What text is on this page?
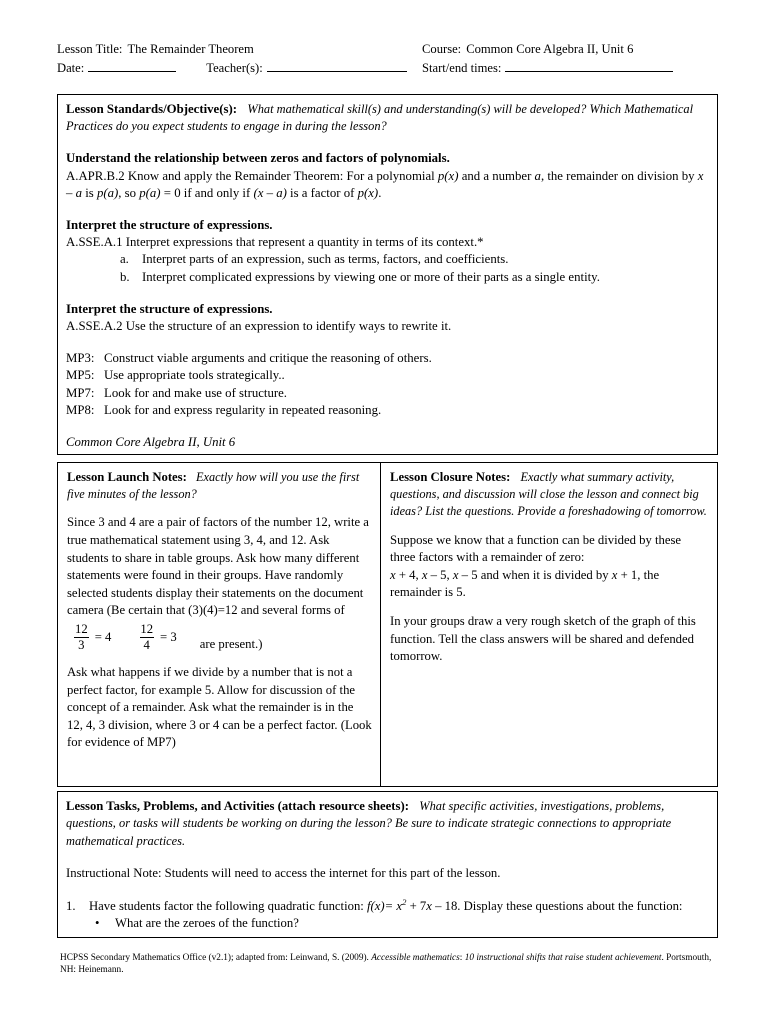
Lesson Title: The Remainder Theorem	Course: Common Core Algebra II, Unit 6
Date:	Teacher(s):	Start/end times:
Lesson Standards/Objective(s): What mathematical skill(s) and understanding(s) will be developed? Which Mathematical Practices do you expect students to engage in during the lesson?
Understand the relationship between zeros and factors of polynomials.
A.APR.B.2 Know and apply the Remainder Theorem: For a polynomial p(x) and a number a, the remainder on division by x – a is p(a), so p(a) = 0 if and only if (x – a) is a factor of p(x).
Interpret the structure of expressions.
A.SSE.A.1 Interpret expressions that represent a quantity in terms of its context.*
a. Interpret parts of an expression, such as terms, factors, and coefficients.
b. Interpret complicated expressions by viewing one or more of their parts as a single entity.
Interpret the structure of expressions.
A.SSE.A.2 Use the structure of an expression to identify ways to rewrite it.
MP3: Construct viable arguments and critique the reasoning of others.
MP5: Use appropriate tools strategically..
MP7: Look for and make use of structure.
MP8: Look for and express regularity in repeated reasoning.
Common Core Algebra II, Unit 6
Lesson Launch Notes: Exactly how will you use the first five minutes of the lesson?
Since 3 and 4 are a pair of factors of the number 12, write a true mathematical statement using 3, 4, and 12. Ask students to share in table groups. Ask how many different statements were found in their groups. Have randomly selected students display their statements on the document camera (Be certain that (3)(4)=12 and several forms of
$\frac{12}{3} = 4 \frac{12}{4} = 3$ are present.)
Ask what happens if we divide by a number that is not a perfect factor, for example 5. Allow for discussion of the concept of a remainder. Ask what the remainder is in the 12, 4, 3 division, where 3 or 4 can be a perfect factor. (Look for evidence of MP7)
Lesson Closure Notes: Exactly what summary activity, questions, and discussion will close the lesson and connect big ideas? List the questions. Provide a foreshadowing of tomorrow.
Suppose we know that a function can be divided by these three factors with a remainder of zero:
x + 4, x – 5, x – 5 and when it is divided by x + 1, the remainder is 5.
In your groups draw a very rough sketch of the graph of this function. Tell the class answers will be shared and defended tomorrow.
Lesson Tasks, Problems, and Activities (attach resource sheets): What specific activities, investigations, problems, questions, or tasks will students be working on during the lesson? Be sure to indicate strategic connections to appropriate mathematical practices.
Instructional Note: Students will need to access the internet for this part of the lesson.
1.	Have students factor the following quadratic function: $f(x)= x^2 + 7x - 18$. Display these questions about the function:
•	What are the zeroes of the function?
HCPSS Secondary Mathematics Office (v2.1); adapted from: Leinwand, S. (2009). Accessible mathematics: 10 instructional shifts that raise student achievement. Portsmouth, NH: Heinemann.
